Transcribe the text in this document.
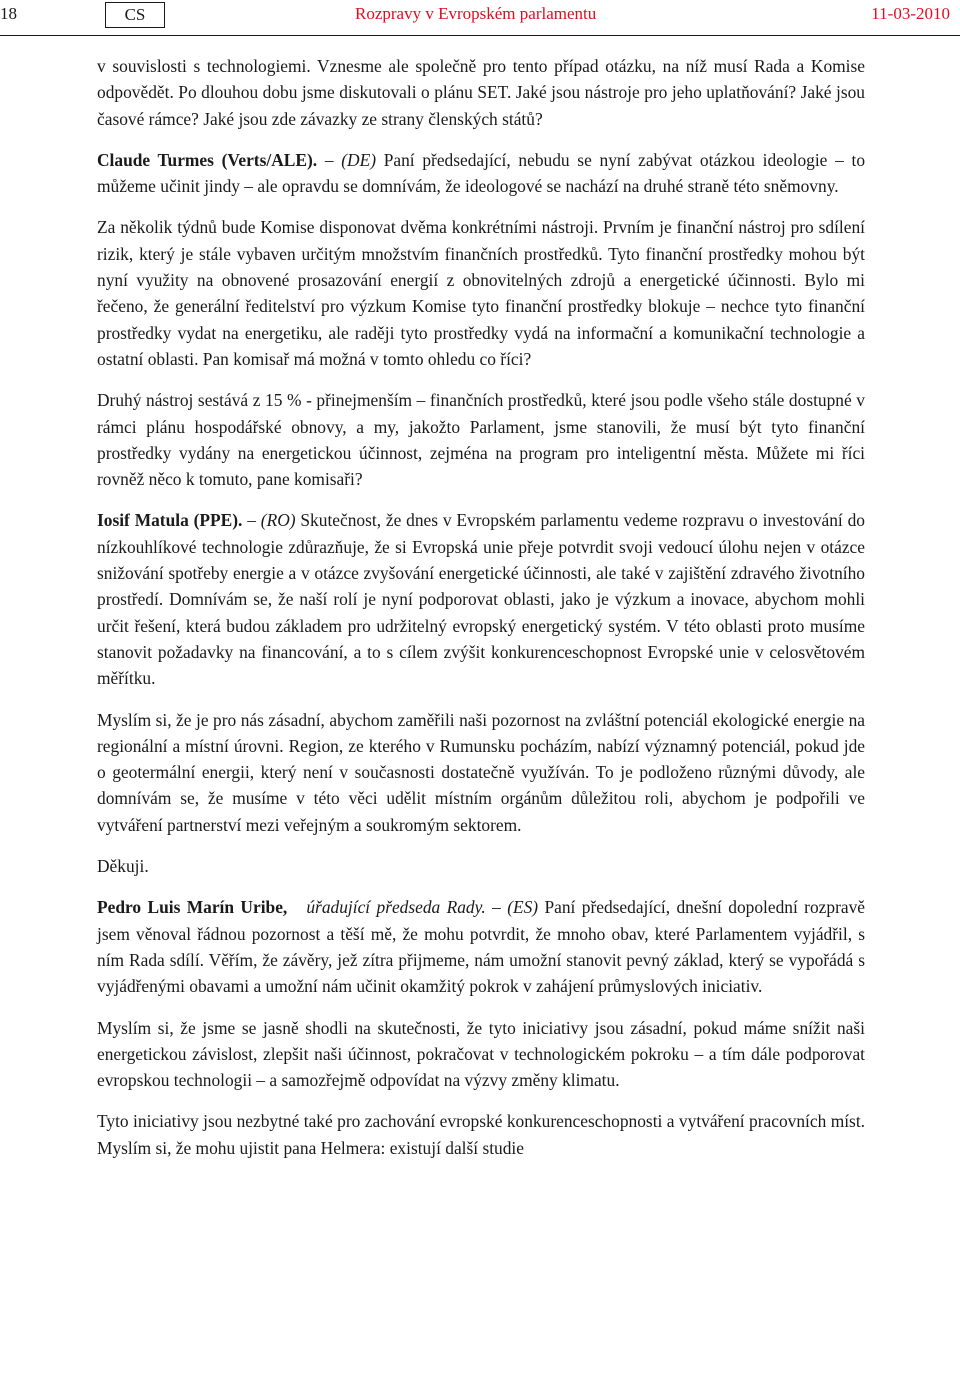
18	CS	Rozpravy v Evropském parlamentu	11-03-2010

v souvislosti s technologiemi. Vznesme ale společně pro tento případ otázku, na níž musí Rada a Komise odpovědět. Po dlouhou dobu jsme diskutovali o plánu SET. Jaké jsou nástroje pro jeho uplatňování? Jaké jsou časové rámce? Jaké jsou zde závazky ze strany členských států?

Claude Turmes (Verts/ALE). – (DE) Paní předsedající, nebudu se nyní zabývat otázkou ideologie – to můžeme učinit jindy – ale opravdu se domnívám, že ideologové se nachází na druhé straně této sněmovny.

Za několik týdnů bude Komise disponovat dvěma konkrétními nástroji. Prvním je finanční nástroj pro sdílení rizik, který je stále vybaven určitým množstvím finančních prostředků. Tyto finanční prostředky mohou být nyní využity na obnovené prosazování energií z obnovitelných zdrojů a energetické účinnosti. Bylo mi řečeno, že generální ředitelství pro výzkum Komise tyto finanční prostředky blokuje – nechce tyto finanční prostředky vydat na energetiku, ale raději tyto prostředky vydá na informační a komunikační technologie a ostatní oblasti. Pan komisař má možná v tomto ohledu co říci?

Druhý nástroj sestává z 15 % - přinejmenším – finančních prostředků, které jsou podle všeho stále dostupné v rámci plánu hospodářské obnovy, a my, jakožto Parlament, jsme stanovili, že musí být tyto finanční prostředky vydány na energetickou účinnost, zejména na program pro inteligentní města. Můžete mi říci rovněž něco k tomuto, pane komisaři?

Iosif Matula (PPE). – (RO) Skutečnost, že dnes v Evropském parlamentu vedeme rozpravu o investování do nízkouhlíkové technologie zdůrazňuje, že si Evropská unie přeje potvrdit svoji vedoucí úlohu nejen v otázce snižování spotřeby energie a v otázce zvyšování energetické účinnosti, ale také v zajištění zdravého životního prostředí. Domnívám se, že naší rolí je nyní podporovat oblasti, jako je výzkum a inovace, abychom mohli určit řešení, která budou základem pro udržitelný evropský energetický systém. V této oblasti proto musíme stanovit požadavky na financování, a to s cílem zvýšit konkurenceschopnost Evropské unie v celosvětovém měřítku.

Myslím si, že je pro nás zásadní, abychom zaměřili naši pozornost na zvláštní potenciál ekologické energie na regionální a místní úrovni. Region, ze kterého v Rumunsku pocházím, nabízí významný potenciál, pokud jde o geotermální energii, který není v současnosti dostatečně využíván. To je podloženo různými důvody, ale domnívám se, že musíme v této věci udělit místním orgánům důležitou roli, abychom je podpořili ve vytváření partnerství mezi veřejným a soukromým sektorem.

Děkuji.

Pedro Luis Marín Uribe,   úřadující předseda Rady. – (ES) Paní předsedající, dnešní dopolední rozpravě jsem věnoval řádnou pozornost a těší mě, že mohu potvrdit, že mnoho obav, které Parlamentem vyjádřil, s ním Rada sdílí. Věřím, že závěry, jež zítra přijmeme, nám umožní stanovit pevný základ, který se vypořádá s vyjádřenými obavami a umožní nám učinit okamžitý pokrok v zahájení průmyslových iniciativ.

Myslím si, že jsme se jasně shodli na skutečnosti, že tyto iniciativy jsou zásadní, pokud máme snížit naši energetickou závislost, zlepšit naši účinnost, pokračovat v technologickém pokroku – a tím dále podporovat evropskou technologii – a samozřejmě odpovídat na výzvy změny klimatu.

Tyto iniciativy jsou nezbytné také pro zachování evropské konkurenceschopnosti a vytváření pracovních míst. Myslím si, že mohu ujistit pana Helmera: existují další studie
